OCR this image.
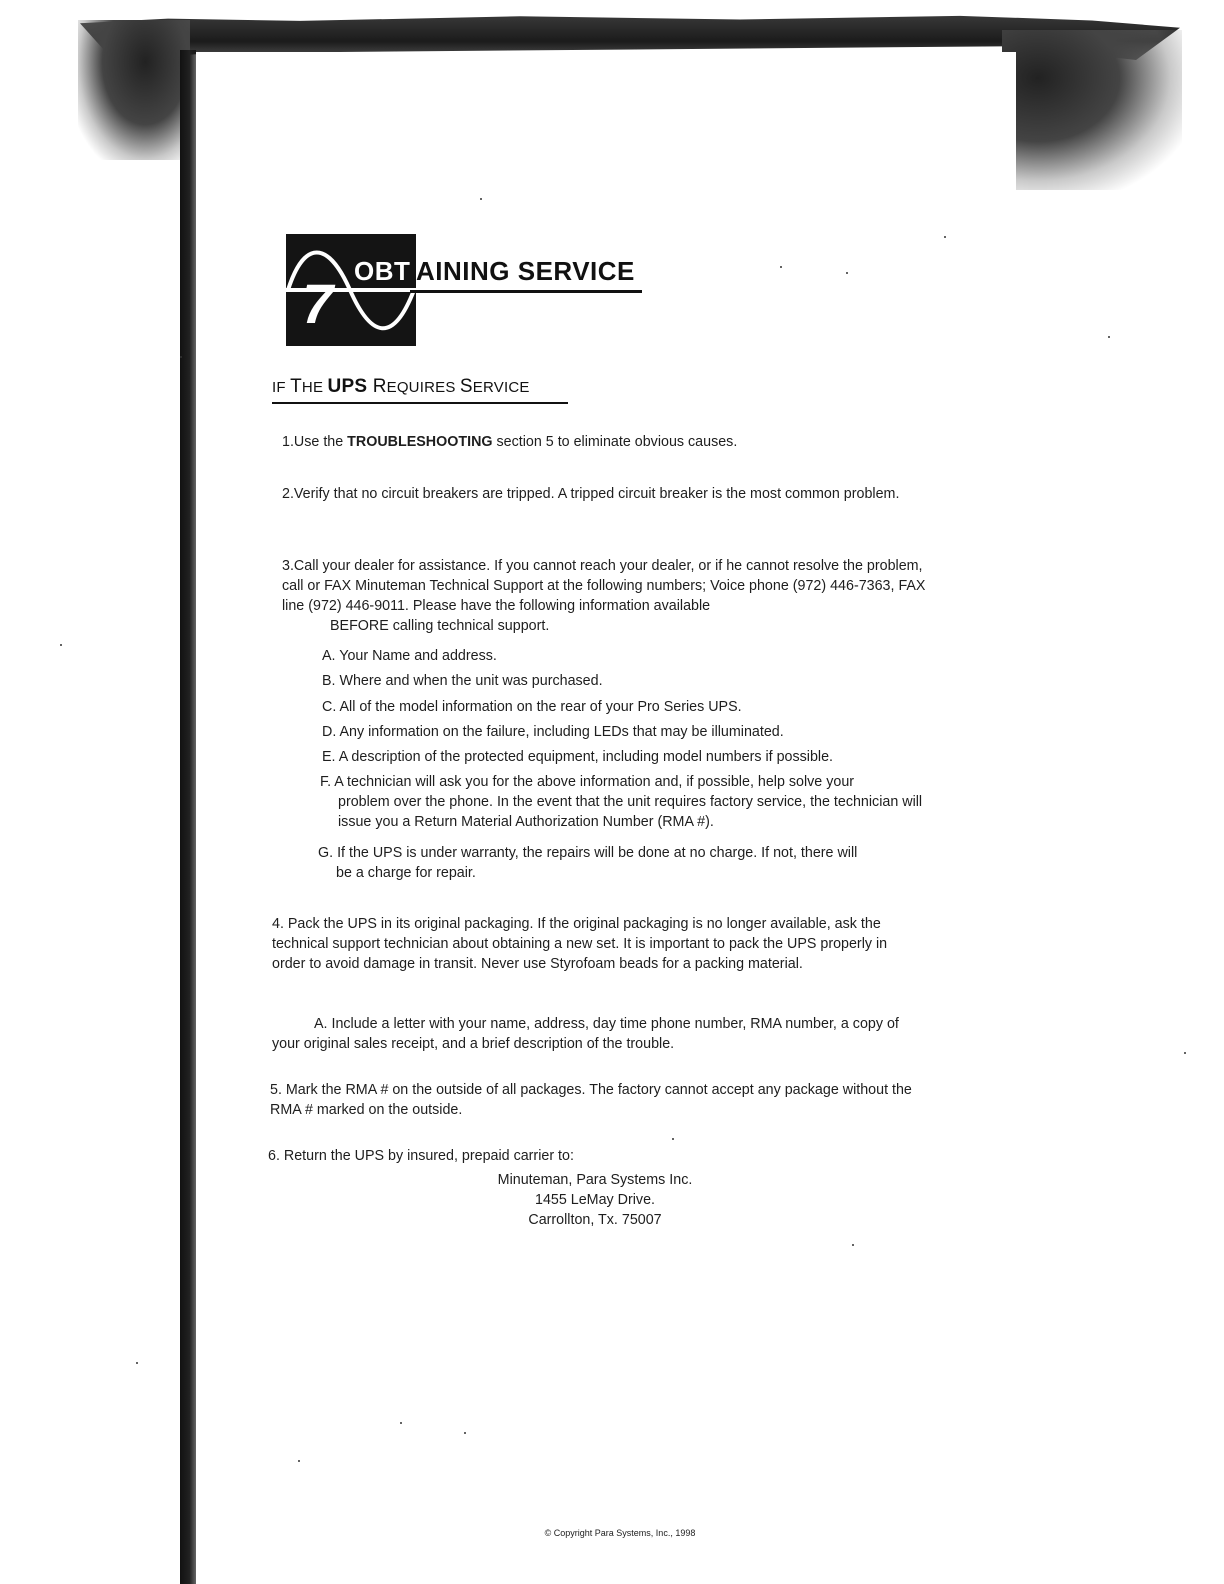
7
OBT AINING SERVICE
IF THE UPS REQUIRES SERVICE

1.Use the TROUBLESHOOTING section 5 to eliminate obvious causes.

2.Verify that no circuit breakers are tripped. A tripped circuit breaker is the most common problem.

3.Call your dealer for assistance. If you cannot reach your dealer, or if he cannot resolve the problem, call or FAX Minuteman Technical Support at the following numbers; Voice phone (972) 446-7363, FAX line (972) 446-9011. Please have the following information available
BEFORE calling technical support.

A. Your Name and address.
B. Where and when the unit was purchased.
C. All of the model information on the rear of your Pro Series UPS.
D. Any information on the failure, including LEDs that may be illuminated.
E. A description of the protected equipment, including model numbers if possible.
F. A technician will ask you for the above information and, if possible, help solve your
problem over the phone. In the event that the unit requires factory service, the technician will issue you a Return Material Authorization Number (RMA #).
G. If the UPS is under warranty, the repairs will be done at no charge. If not, there will
be a charge for repair.

4. Pack the UPS in its original packaging. If the original packaging is no longer available, ask the technical support technician about obtaining a new set. It is important to pack the UPS properly in order to avoid damage in transit. Never use Styrofoam beads for a packing material.

A. Include a letter with your name, address, day time phone number, RMA number, a copy of your original sales receipt, and a brief description of the trouble.

5. Mark the RMA # on the outside of all packages. The factory cannot accept any package without the RMA # marked on the outside.

6. Return the UPS by insured, prepaid carrier to:

Minuteman, Para Systems Inc.
1455 LeMay Drive.
Carrollton, Tx. 75007
© Copyright Para Systems, Inc., 1998
